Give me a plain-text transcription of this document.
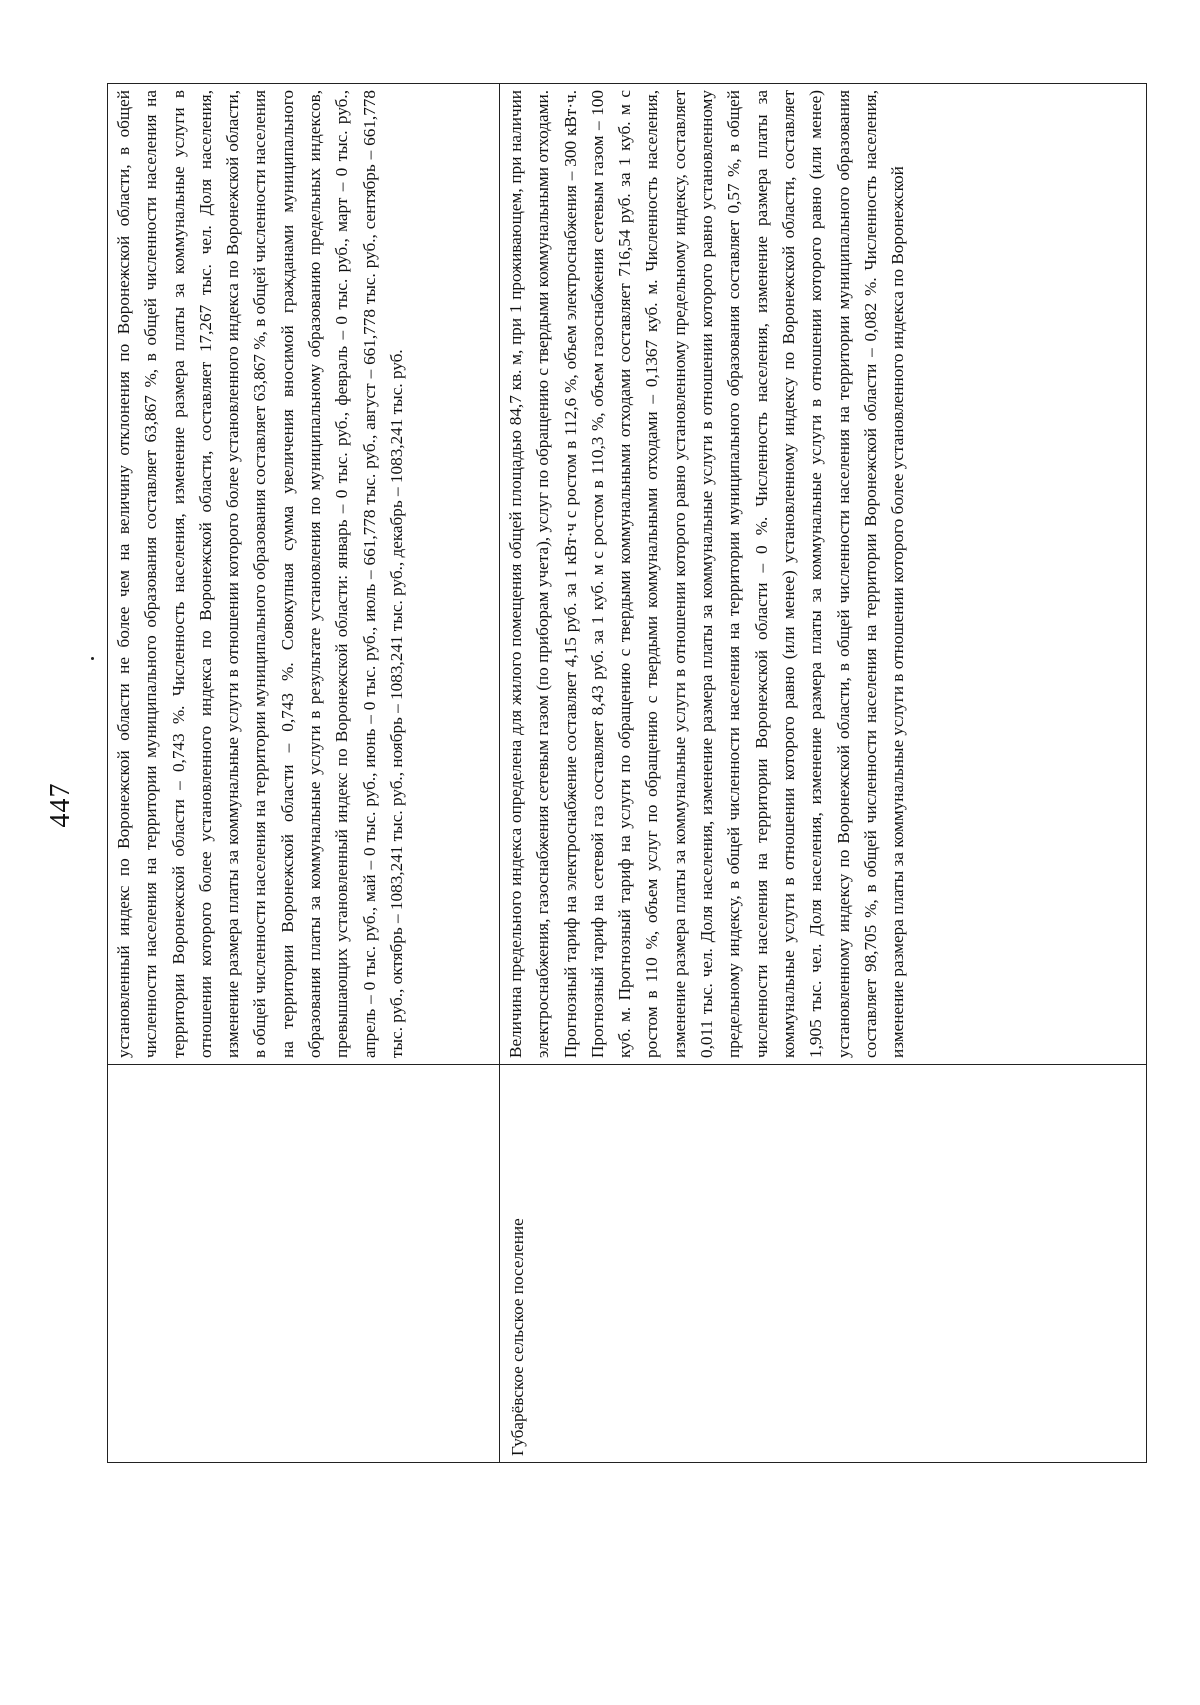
447
	установленный индекс по Воронежской области не более чем на величину отклонения по Воронежской области, в общей численности населения на территории муниципального образования составляет 63,867 %, в общей численности населения на территории Воронежской области – 0,743 %. Численность населения, изменение размера платы за коммунальные услуги в отношении которого более установленного индекса по Воронежской области, составляет 17,267 тыс. чел. Доля населения, изменение размера платы за коммунальные услуги в отношении которого более установленного индекса по Воронежской области, в общей численности населения на территории муниципального образования составляет 63,867 %, в общей численности населения на территории Воронежской области – 0,743 %. Совокупная сумма увеличения вносимой гражданами муниципального образования платы за коммунальные услуги в результате установления по муниципальному образованию предельных индексов, превышающих установленный индекс по Воронежской области: январь – 0 тыс. руб., февраль – 0 тыс. руб., март – 0 тыс. руб., апрель – 0 тыс. руб., май – 0 тыс. руб., июнь – 0 тыс. руб., июль – 661,778 тыс. руб., август – 661,778 тыс. руб., сентябрь – 661,778 тыс. руб., октябрь – 1083,241 тыс. руб., ноябрь – 1083,241 тыс. руб., декабрь – 1083,241 тыс. руб.
Губарёвское сельское поселение	Величина предельного индекса определена для жилого помещения общей площадью 84,7 кв. м, при 1 проживающем, при наличии электроснабжения, газоснабжения сетевым газом (по приборам учета), услуг по обращению с твердыми коммунальными отходами. Прогнозный тариф на электроснабжение составляет 4,15 руб. за 1 кВт·ч с ростом в 112,6 %, объем электроснабжения – 300 кВт·ч. Прогнозный тариф на сетевой газ составляет 8,43 руб. за 1 куб. м с ростом в 110,3 %, объем газоснабжения сетевым газом – 100 куб. м. Прогнозный тариф на услуги по обращению с твердыми коммунальными отходами составляет 716,54 руб. за 1 куб. м с ростом в 110 %, объем услуг по обращению с твердыми коммунальными отходами – 0,1367 куб. м. Численность населения, изменение размера платы за коммунальные услуги в отношении которого равно установленному предельному индексу, составляет 0,011 тыс. чел. Доля населения, изменение размера платы за коммунальные услуги в отношении которого равно установленному предельному индексу, в общей численности населения на территории муниципального образования составляет 0,57 %, в общей численности населения на территории Воронежской области – 0 %. Численность населения, изменение размера платы за коммунальные услуги в отношении которого равно (или менее) установленному индексу по Воронежской области, составляет 1,905 тыс. чел. Доля населения, изменение размера платы за коммунальные услуги в отношении которого равно (или менее) установленному индексу по Воронежской области, в общей численности населения на территории муниципального образования составляет 98,705 %, в общей численности населения на территории Воронежской области – 0,082 %. Численность населения, изменение размера платы за коммунальные услуги в отношении которого более установленного индекса по Воронежской
